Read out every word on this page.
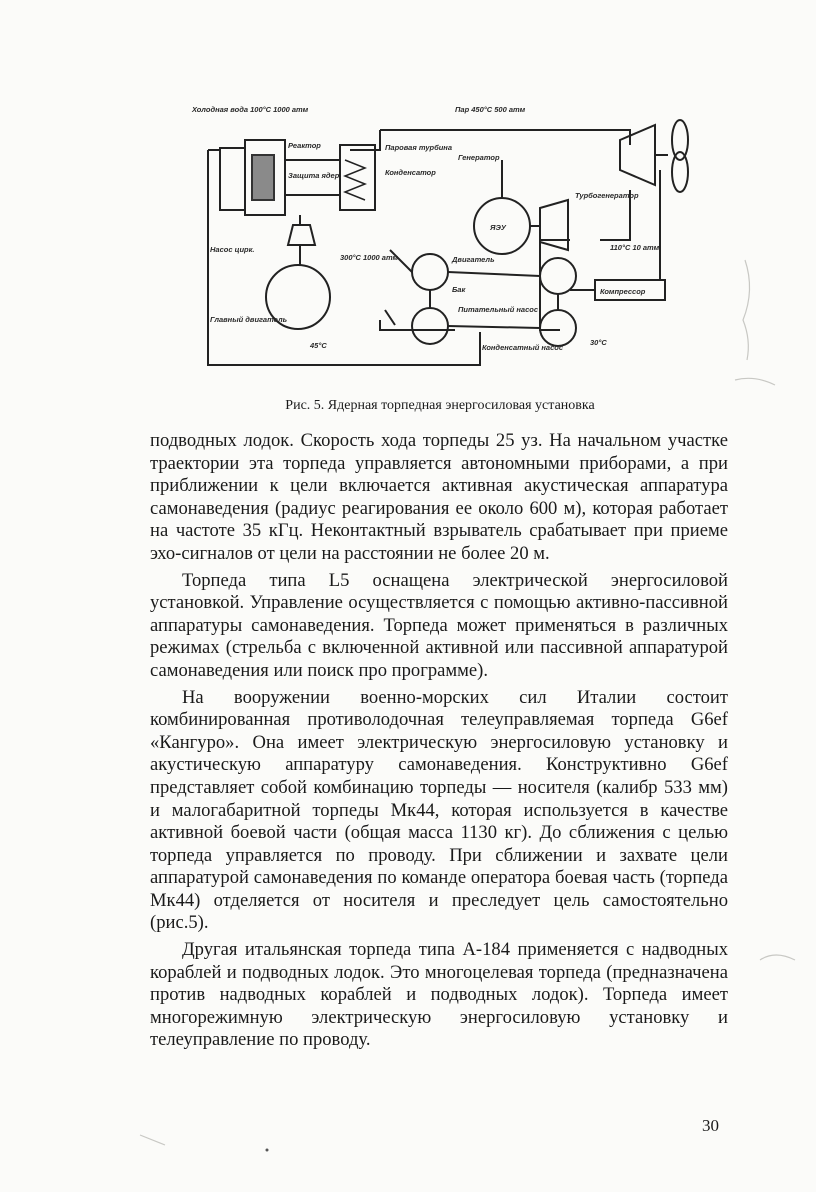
Холодная вода 100°С 1000 атм	Пар 450°С 500 атм
Реактор
Защита ядер.
Насос цирк.
Паровая турбина
Конденсатор
Генератор
Турбогенератор
Главный двигатель
Двигатель
Питательный насос
Конденсатный насос
Бак	Компрессор
300°С 1000 атм
110°С 10 атм
45°С	30°С
ЯЭУ
Рис. 5. Ядерная торпедная энергосиловая установка

подводных лодок. Скорость хода торпеды 25 уз. На начальном участке траектории эта торпеда управляется автономными приборами, а при приближении к цели включается активная акустическая аппаратура самонаведения (радиус реагирования ее около 600 м), которая работает на частоте 35 кГц. Неконтактный взрыватель срабатывает при приеме эхо-сигналов от цели на расстоянии не более 20 м.

Торпеда типа L5 оснащена электрической энергосиловой установкой. Управление осуществляется с помощью активно-пассивной аппаратуры самонаведения. Торпеда может применяться в различных режимах (стрельба с включенной активной или пассивной аппаратурой самонаведения или поиск про программе).

На вооружении военно-морских сил Италии состоит комбинированная противолодочная телеуправляемая торпеда G6ef «Кангуро». Она имеет электрическую энергосиловую установку и акустическую аппаратуру самонаведения. Конструктивно G6ef представляет собой комбинацию торпеды — носителя (калибр 533 мм) и малогабаритной торпеды Мк44, которая используется в качестве активной боевой части (общая масса 1130 кг). До сближения с целью торпеда управляется по проводу. При сближении и захвате цели аппаратурой самонаведения по команде оператора боевая часть (торпеда Мк44) отделяется от носителя и преследует цель самостоятельно (рис.5).

Другая итальянская торпеда типа А-184 применяется с надводных кораблей и подводных лодок. Это многоцелевая торпеда (предназначена против надводных кораблей и подводных лодок). Торпеда имеет многорежимную электрическую энергосиловую установку и телеуправление по проводу.

30
